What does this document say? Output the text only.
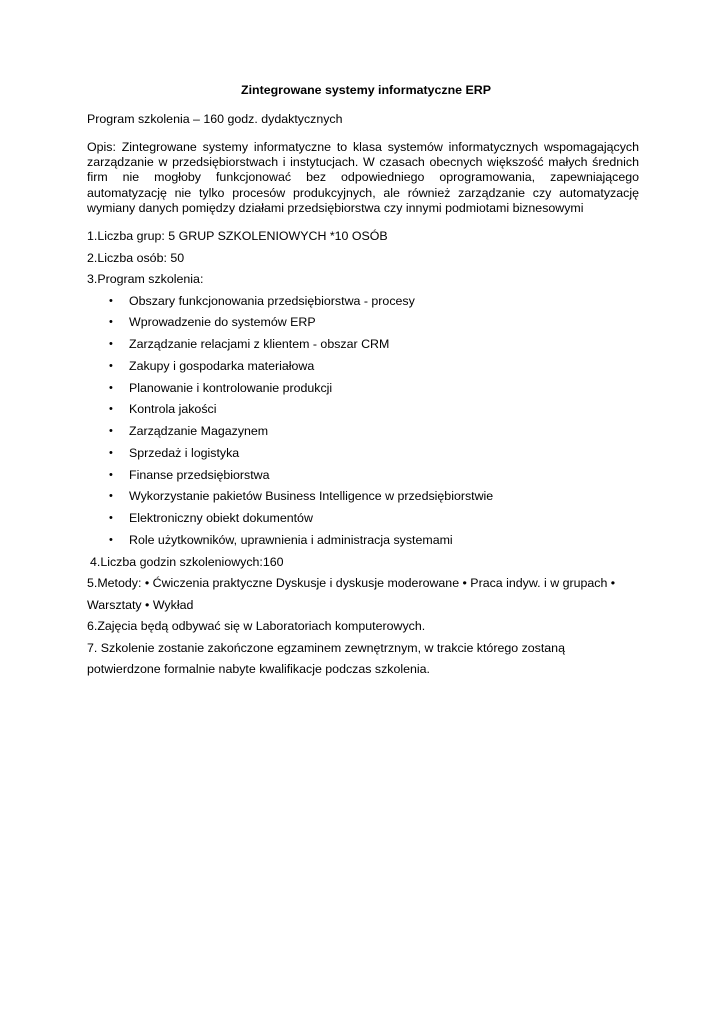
Zintegrowane systemy informatyczne ERP

Program szkolenia – 160 godz. dydaktycznych

Opis: Zintegrowane systemy informatyczne to klasa systemów informatycznych wspomagających zarządzanie w przedsiębiorstwach i instytucjach. W czasach obecnych większość małych średnich firm nie mogłoby funkcjonować bez odpowiedniego oprogramowania, zapewniającego automatyzację nie tylko procesów produkcyjnych, ale również zarządzanie czy automatyzację wymiany danych pomiędzy działami przedsiębiorstwa czy innymi podmiotami biznesowymi

1.Liczba grup: 5 GRUP SZKOLENIOWYCH *10 OSÓB

2.Liczba osób: 50

3.Program szkolenia:

• Obszary funkcjonowania przedsiębiorstwa - procesy
• Wprowadzenie do systemów ERP
• Zarządzanie relacjami z klientem - obszar CRM
• Zakupy i gospodarka materiałowa
• Planowanie i kontrolowanie produkcji
• Kontrola jakości
• Zarządzanie Magazynem
• Sprzedaż i logistyka
• Finanse przedsiębiorstwa
• Wykorzystanie pakietów Business Intelligence w przedsiębiorstwie
• Elektroniczny obiekt dokumentów
• Role użytkowników, uprawnienia i administracja systemami

4.Liczba godzin szkoleniowych:160

5.Metody: • Ćwiczenia praktyczne Dyskusje i dyskusje moderowane • Praca indyw. i w grupach • Warsztaty • Wykład

6.Zajęcia będą odbywać się w Laboratoriach komputerowych.

7. Szkolenie zostanie zakończone egzaminem zewnętrznym, w trakcie którego zostaną potwierdzone formalnie nabyte kwalifikacje podczas szkolenia.
